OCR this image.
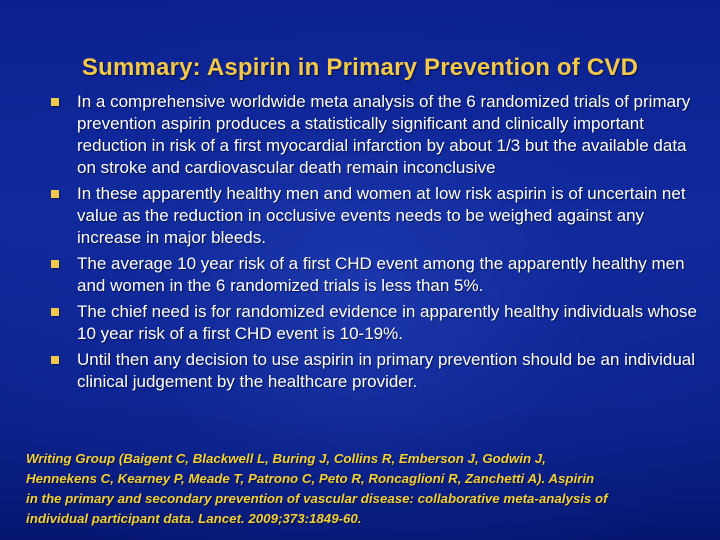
Summary: Aspirin in Primary Prevention of CVD
In a comprehensive worldwide meta analysis of the 6 randomized trials of primary prevention aspirin produces a statistically significant and clinically important reduction in risk of a first myocardial infarction by about 1/3 but the available data on stroke and cardiovascular death remain inconclusive
In these apparently healthy men and women at low risk aspirin is of uncertain net value as the reduction in occlusive events needs to be weighed against any increase in major bleeds.
The average 10 year risk of a first CHD event among the apparently healthy men and women in the 6 randomized trials is less than 5%.
The chief need is for randomized evidence in apparently healthy individuals whose 10 year risk of a first CHD event is 10-19%.
Until then any decision to use aspirin in primary prevention should be an individual clinical judgement by the healthcare provider.

Writing Group (Baigent C, Blackwell L, Buring J, Collins R, Emberson J, Godwin J,
Hennekens C, Kearney P, Meade T, Patrono C, Peto R, Roncaglioni R, Zanchetti A). Aspirin
in the primary and secondary prevention of vascular disease: collaborative meta-analysis of
individual participant data. Lancet. 2009;373:1849-60.
